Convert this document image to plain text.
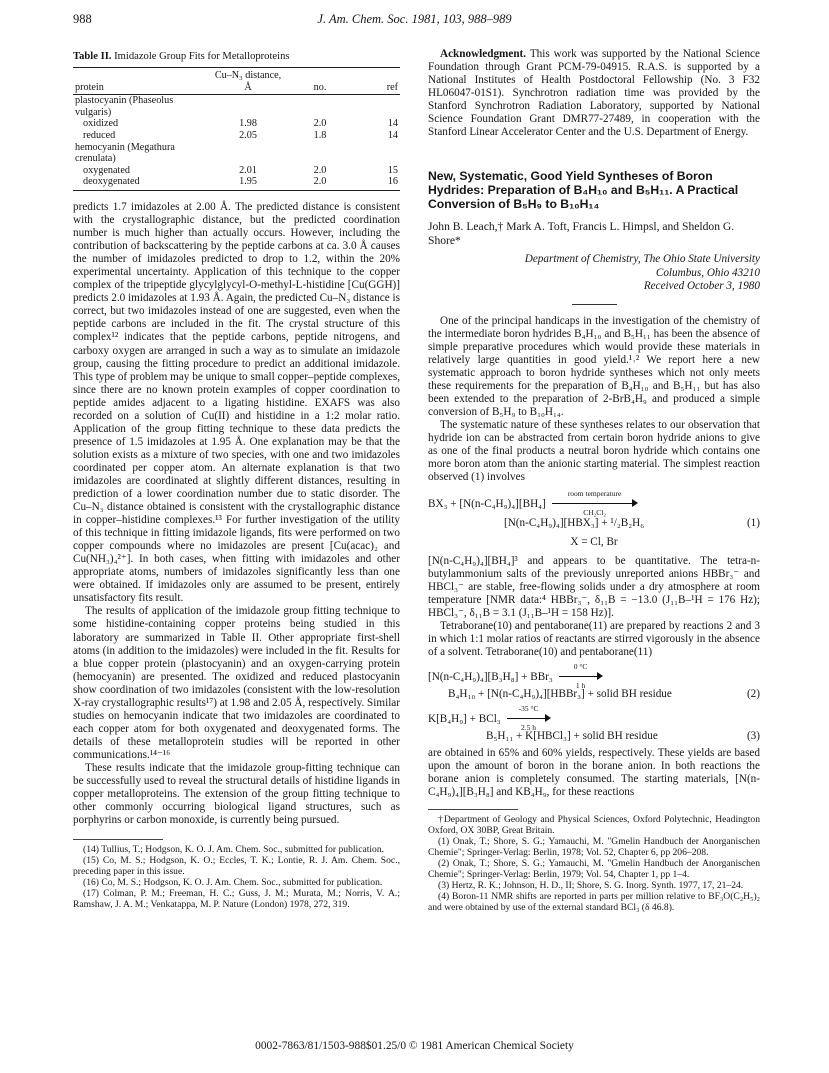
988	J. Am. Chem. Soc. 1981, 103, 988–989
Table II. Imidazole Group Fits for Metalloproteins
protein	Cu–N₃ distance, Å	no.	ref
plastocyanin (Phaseolus vulgaris)			
oxidized	1.98	2.0	14
reduced	2.05	1.8	14
hemocyanin (Megathura crenulata)			
oxygenated	2.01	2.0	15
deoxygenated	1.95	2.0	16

predicts 1.7 imidazoles at 2.00 Å. The predicted distance is consistent with the crystallographic distance, but the predicted coordination number is much higher than actually occurs. However, including the contribution of backscattering by the peptide carbons at ca. 3.0 Å causes the number of imidazoles predicted to drop to 1.2, within the 20% experimental uncertainty. Application of this technique to the copper complex of the tripeptide glycylglycyl-O-methyl-L-histidine [Cu(GGH)] predicts 2.0 imidazoles at 1.93 Å. Again, the predicted Cu–N₃ distance is correct, but two imidazoles instead of one are suggested, even when the peptide carbons are included in the fit. The crystal structure of this complex¹² indicates that the peptide carbons, peptide nitrogens, and carboxy oxygen are arranged in such a way as to simulate an imidazole group, causing the fitting procedure to predict an additional imidazole. This type of problem may be unique to small copper–peptide complexes, since there are no known protein examples of copper coordination to peptide amides adjacent to a ligating histidine. EXAFS was also recorded on a solution of Cu(II) and histidine in a 1:2 molar ratio. Application of the group fitting technique to these data predicts the presence of 1.5 imidazoles at 1.95 Å. One explanation may be that the solution exists as a mixture of two species, with one and two imidazoles coordinated per copper atom. An alternate explanation is that two imidazoles are coordinated at slightly different distances, resulting in prediction of a lower coordination number due to static disorder. The Cu–N₃ distance obtained is consistent with the crystallographic distance in copper–histidine complexes.¹³ For further investigation of the utility of this technique in fitting imidazole ligands, fits were performed on two copper compounds where no imidazoles are present [Cu(acac)₂ and Cu(NH₃)₄²⁺]. In both cases, when fitting with imidazoles and other appropriate atoms, numbers of imidazoles significantly less than one were obtained. If imidazoles only are assumed to be present, entirely unsatisfactory fits result.

The results of application of the imidazole group fitting technique to some histidine-containing copper proteins being studied in this laboratory are summarized in Table II. Other appropriate first-shell atoms (in addition to the imidazoles) were included in the fit. Results for a blue copper protein (plastocyanin) and an oxygen-carrying protein (hemocyanin) are presented. The oxidized and reduced plastocyanin show coordination of two imidazoles (consistent with the low-resolution X-ray crystallographic results¹⁷) at 1.98 and 2.05 Å, respectively. Similar studies on hemocyanin indicate that two imidazoles are coordinated to each copper atom for both oxygenated and deoxygenated forms. The details of these metalloprotein studies will be reported in other communications.¹⁴⁻¹⁶

These results indicate that the imidazole group-fitting technique can be successfully used to reveal the structural details of histidine ligands in copper metalloproteins. The extension of the group fitting technique to other commonly occurring biological ligand structures, such as porphyrins or carbon monoxide, is currently being pursued.

(14) Tullius, T.; Hodgson, K. O. J. Am. Chem. Soc., submitted for publication.

(15) Co, M. S.; Hodgson, K. O.; Eccles, T. K.; Lontie, R. J. Am. Chem. Soc., preceding paper in this issue.

(16) Co, M. S.; Hodgson, K. O. J. Am. Chem. Soc., submitted for publication.

(17) Colman, P. M.; Freeman, H. C.; Guss, J. M.; Murata, M.; Norris, V. A.; Ramshaw, J. A. M.; Venkatappa, M. P. Nature (London) 1978, 272, 319.

Acknowledgment. This work was supported by the National Science Foundation through Grant PCM-79-04915. R.A.S. is supported by a National Institutes of Health Postdoctoral Fellowship (No. 3 F32 HL06047-01S1). Synchrotron radiation time was provided by the Stanford Synchrotron Radiation Laboratory, supported by National Science Foundation Grant DMR77-27489, in cooperation with the Stanford Linear Accelerator Center and the U.S. Department of Energy.

New, Systematic, Good Yield Syntheses of Boron Hydrides: Preparation of B₄H₁₀ and B₅H₁₁. A Practical Conversion of B₅H₉ to B₁₀H₁₄
John B. Leach,† Mark A. Toft, Francis L. Himpsl, and Sheldon G. Shore*
Department of Chemistry, The Ohio State University
Columbus, Ohio 43210
Received October 3, 1980

One of the principal handicaps in the investigation of the chemistry of the intermediate boron hydrides B₄H₁₀ and B₅H₁₁ has been the absence of simple preparative procedures which would provide these materials in relatively large quantities in good yield.¹˒² We report here a new systematic approach to boron hydride syntheses which not only meets these requirements for the preparation of B₄H₁₀ and B₅H₁₁ but has also been extended to the preparation of 2-BrB₄H₉ and produced a simple conversion of B₅H₉ to B₁₀H₁₄.

The systematic nature of these syntheses relates to our observation that hydride ion can be abstracted from certain boron hydride anions to give as one of the final products a neutral boron hydride which contains one more boron atom than the anionic starting material. The simplest reaction observed (1) involves

BX₃ + [N(n-C₄H₉)₄][BH₄]
room temperature
CH₂Cl₂
[N(n-C₄H₉)₄][HBX₃] + ¹/₂B₂H₆	(1)
X = Cl, Br

[N(n-C₄H₉)₄][BH₄]³ and appears to be quantitative. The tetra-n-butylammonium salts of the previously unreported anions HBBr₃⁻ and HBCl₃⁻ are stable, free-flowing solids under a dry atmosphere at room temperature [NMR data:⁴ HBBr₃⁻, δ₁₁B = −13.0 (J₁₁B–¹H = 176 Hz); HBCl₃⁻, δ₁₁B = 3.1 (J₁₁B–¹H = 158 Hz)].

Tetraborane(10) and pentaborane(11) are prepared by reactions 2 and 3 in which 1:1 molar ratios of reactants are stirred vigorously in the absence of a solvent. Tetraborane(10) and pentaborane(11)

[N(n-C₄H₉)₄][B₃H₈] + BBr₃
0 °C
1 h
B₄H₁₀ + [N(n-C₄H₉)₄][HBBr₃] + solid BH residue	(2)
K[B₄H₉] + BCl₃
-35 °C
2.5 h
B₅H₁₁ + K[HBCl₃] + solid BH residue	(3)

are obtained in 65% and 60% yields, respectively. These yields are based upon the amount of boron in the borane anion. In both reactions the borane anion is completely consumed. The starting materials, [N(n-C₄H₉)₄][B₃H₈] and KB₄H₉, for these reactions

†Department of Geology and Physical Sciences, Oxford Polytechnic, Headington Oxford, OX 30BP, Great Britain.

(1) Onak, T.; Shore, S. G.; Yamauchi, M. "Gmelin Handbuch der Anorganischen Chemie"; Springer-Verlag: Berlin, 1978; Vol. 52, Chapter 6, pp 206–208.

(2) Onak, T.; Shore, S. G.; Yamauchi, M. "Gmelin Handbuch der Anorganischen Chemie"; Springer-Verlag: Berlin, 1979; Vol. 54, Chapter 1, pp 1–4.

(3) Hertz, R. K.; Johnson, H. D., II; Shore, S. G. Inorg. Synth. 1977, 17, 21–24.

(4) Boron-11 NMR shifts are reported in parts per million relative to BF₃O(C₂H₅)₂ and were obtained by use of the external standard BCl₃ (δ 46.8).

0002-7863/81/1503-988$01.25/0 © 1981 American Chemical Society
